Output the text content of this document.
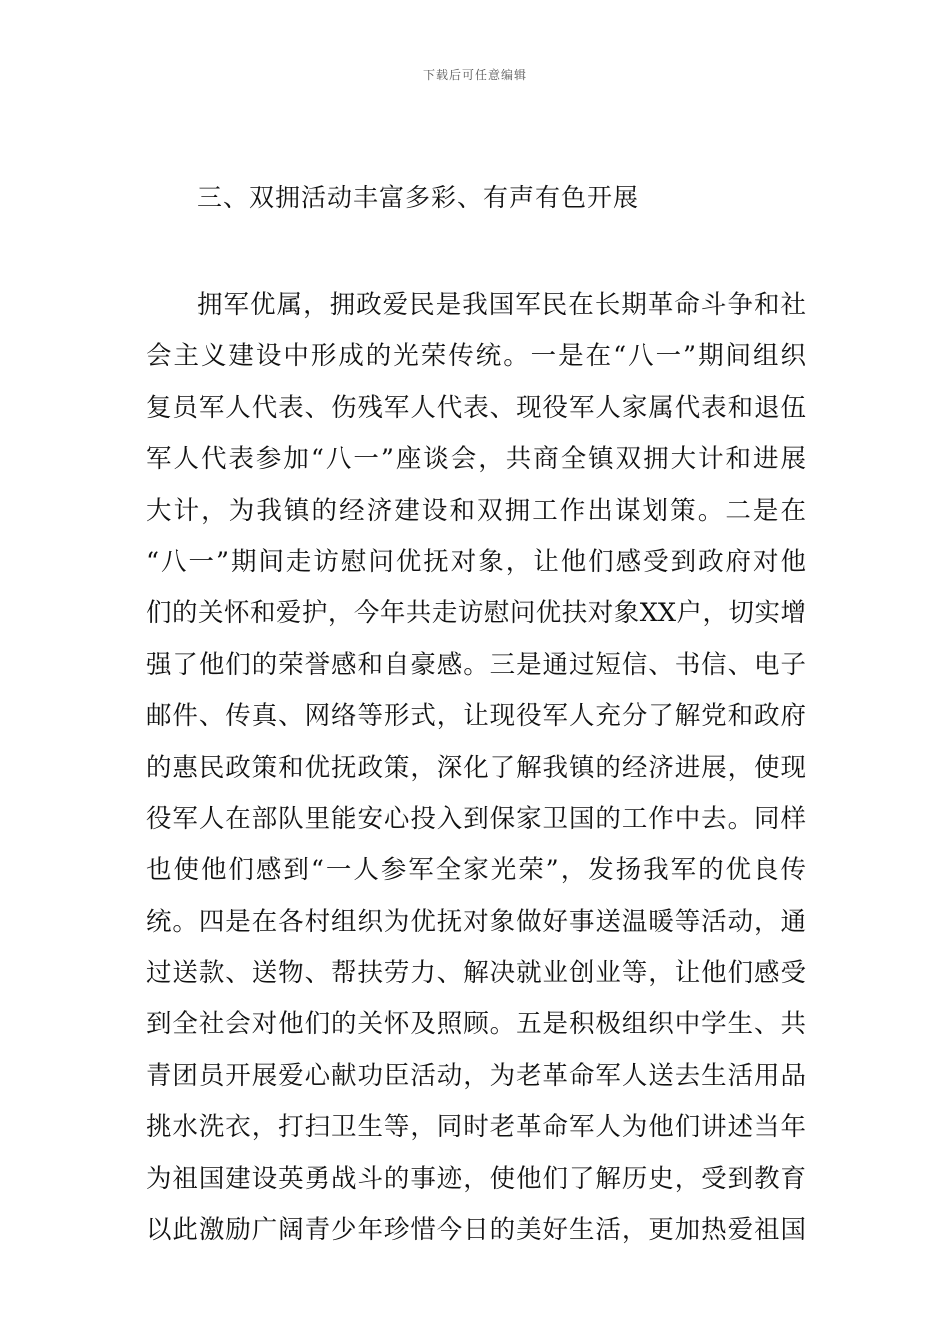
下载后可任意编辑
三、双拥活动丰富多彩、有声有色开展
拥军优属，拥政爱民是我国军民在长期革命斗争和社
会主义建设中形成的光荣传统。一是在“八一”期间组织
复员军人代表、伤残军人代表、现役军人家属代表和退伍
军人代表参加“八一”座谈会，共商全镇双拥大计和进展
大计，为我镇的经济建设和双拥工作出谋划策。二是在
“八一”期间走访慰问优抚对象，让他们感受到政府对他
们的关怀和爱护，今年共走访慰问优扶对象XX户，切实增
强了他们的荣誉感和自豪感。三是通过短信、书信、电子
邮件、传真、网络等形式，让现役军人充分了解党和政府
的惠民政策和优抚政策，深化了解我镇的经济进展，使现
役军人在部队里能安心投入到保家卫国的工作中去。同样
也使他们感到“一人参军全家光荣”，发扬我军的优良传
统。四是在各村组织为优抚对象做好事送温暖等活动，通
过送款、送物、帮扶劳力、解决就业创业等，让他们感受
到全社会对他们的关怀及照顾。五是积极组织中学生、共
青团员开展爱心献功臣活动，为老革命军人送去生活用品
挑水洗衣，打扫卫生等，同时老革命军人为他们讲述当年
为祖国建设英勇战斗的事迹，使他们了解历史，受到教育
以此激励广阔青少年珍惜今日的美好生活，更加热爱祖国
